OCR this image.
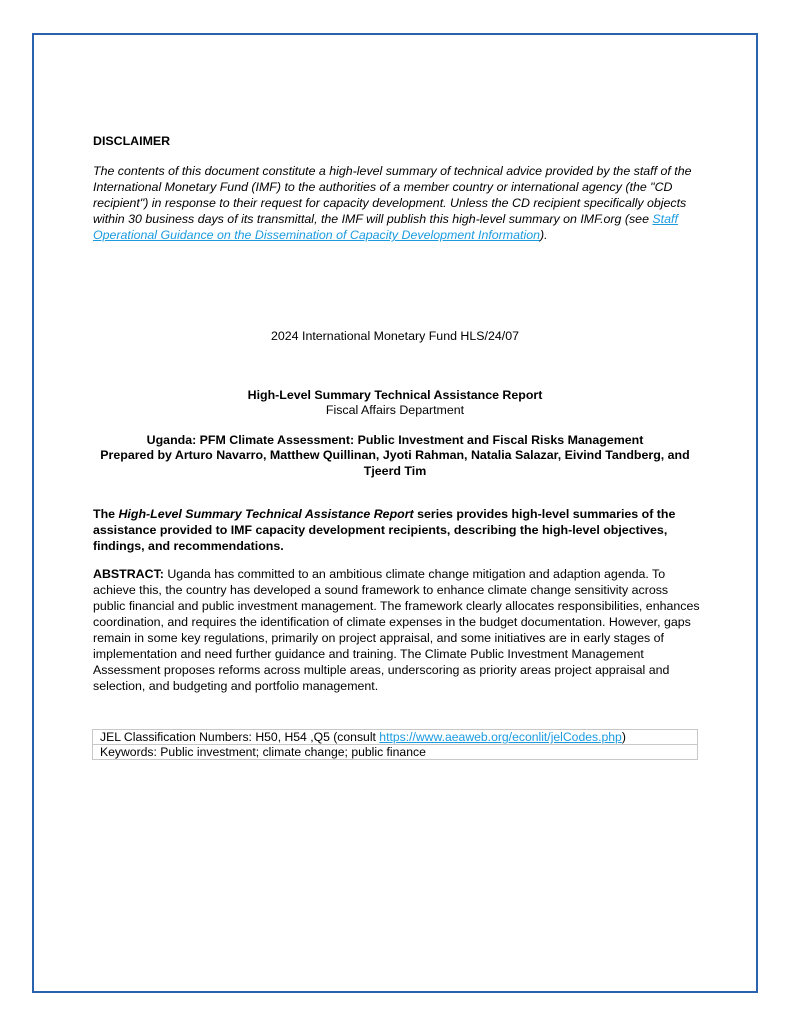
DISCLAIMER
The contents of this document constitute a high-level summary of technical advice provided by the staff of the International Monetary Fund (IMF) to the authorities of a member country or international agency (the "CD recipient") in response to their request for capacity development. Unless the CD recipient specifically objects within 30 business days of its transmittal, the IMF will publish this high-level summary on IMF.org (see Staff Operational Guidance on the Dissemination of Capacity Development Information).
2024 International Monetary Fund HLS/24/07
High-Level Summary Technical Assistance Report
Fiscal Affairs Department
Uganda: PFM Climate Assessment: Public Investment and Fiscal Risks Management
Prepared by Arturo Navarro, Matthew Quillinan, Jyoti Rahman, Natalia Salazar, Eivind Tandberg, and Tjeerd Tim
The High-Level Summary Technical Assistance Report series provides high-level summaries of the assistance provided to IMF capacity development recipients, describing the high-level objectives, findings, and recommendations.
ABSTRACT: Uganda has committed to an ambitious climate change mitigation and adaption agenda. To achieve this, the country has developed a sound framework to enhance climate change sensitivity across public financial and public investment management. The framework clearly allocates responsibilities, enhances coordination, and requires the identification of climate expenses in the budget documentation. However, gaps remain in some key regulations, primarily on project appraisal, and some initiatives are in early stages of implementation and need further guidance and training. The Climate Public Investment Management Assessment proposes reforms across multiple areas, underscoring as priority areas project appraisal and selection, and budgeting and portfolio management.
JEL Classification Numbers: H50, H54 ,Q5 (consult https://www.aeaweb.org/econlit/jelCodes.php)
Keywords: Public investment; climate change; public finance
